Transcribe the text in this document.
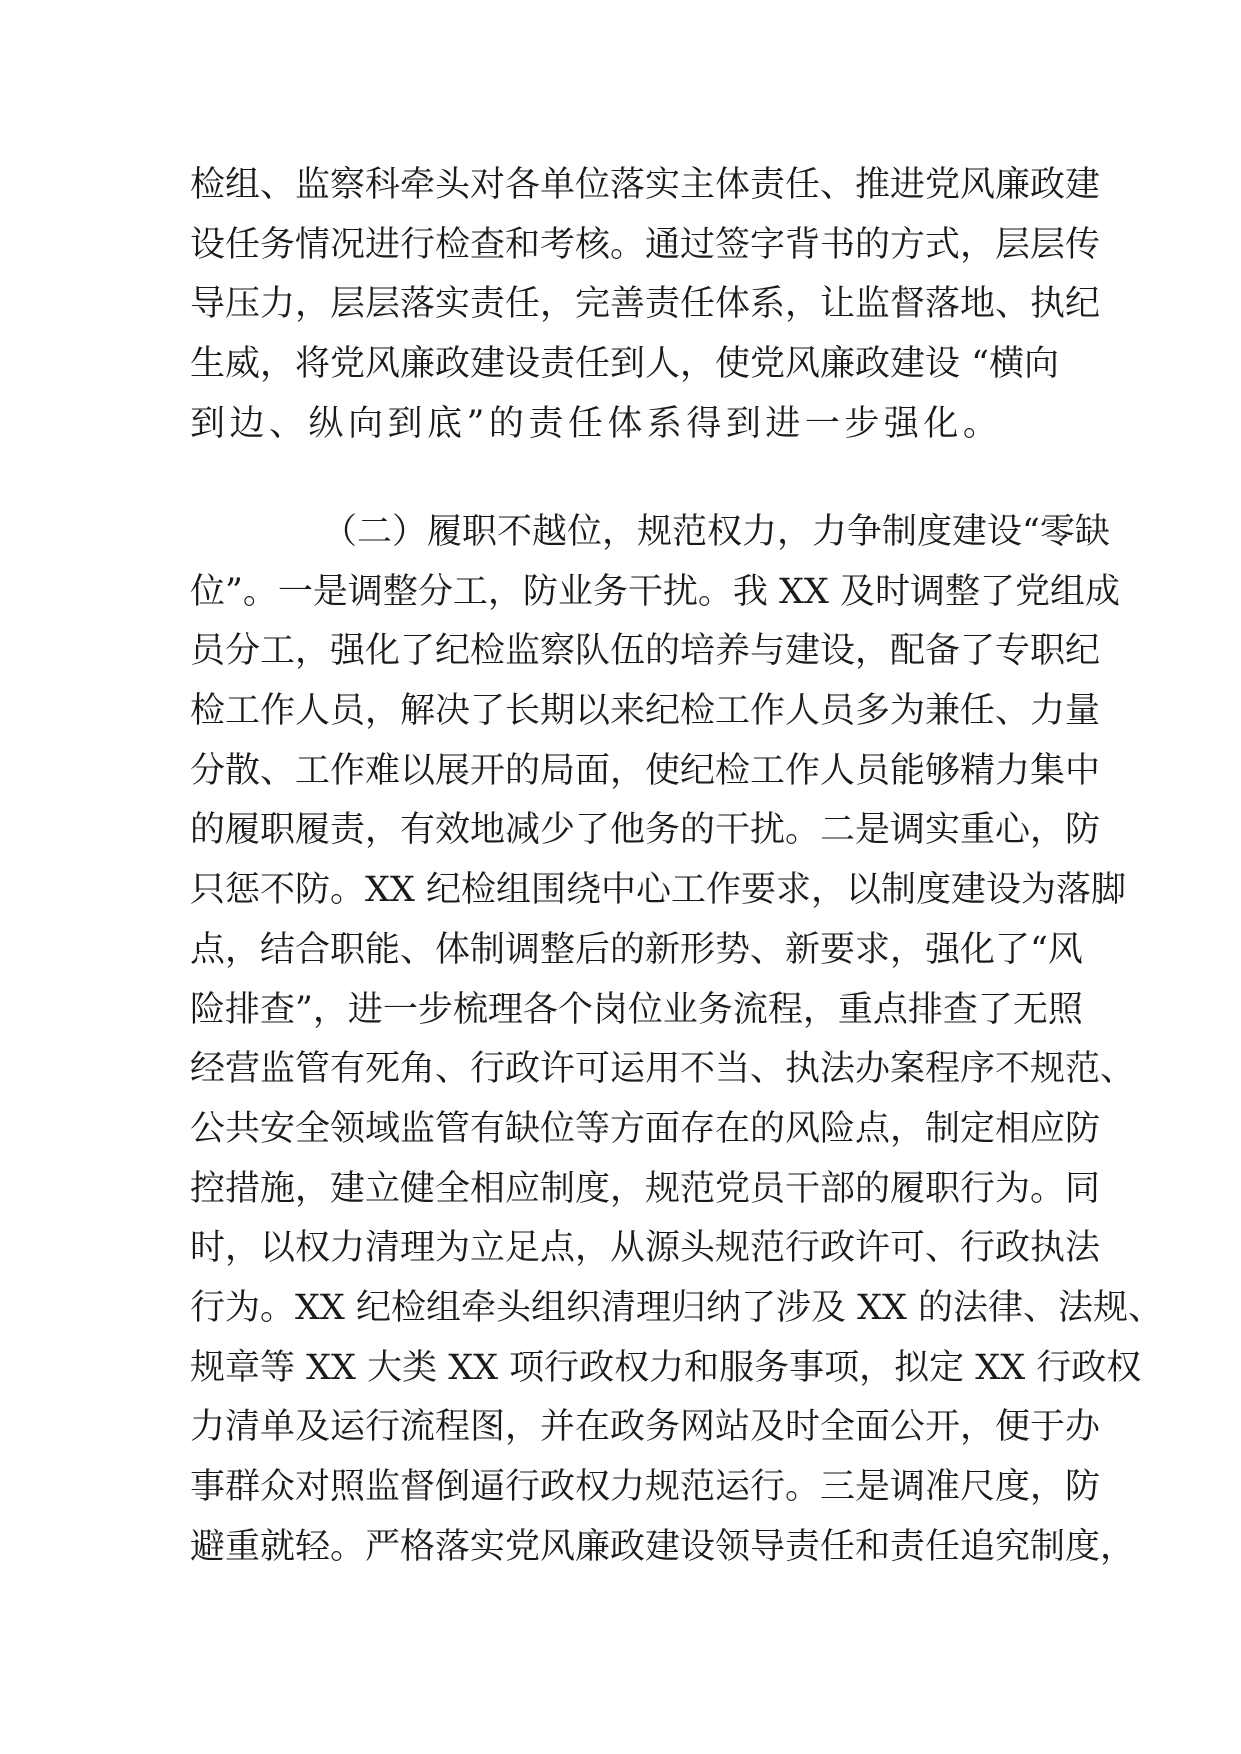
检组、监察科牵头对各单位落实主体责任、推进党风廉政建
设任务情况进行检查和考核。通过签字背书的方式，层层传
导压力，层层落实责任，完善责任体系，让监督落地、执纪
生威，将党风廉政建设责任到人，使党风廉政建设 “横向
到边、纵向到底”的责任体系得到进一步强化。
（二）履职不越位，规范权力，力争制度建设“零缺
位”。一是调整分工，防业务干扰。我 XX 及时调整了党组成
员分工，强化了纪检监察队伍的培养与建设，配备了专职纪
检工作人员，解决了长期以来纪检工作人员多为兼任、力量
分散、工作难以展开的局面，使纪检工作人员能够精力集中
的履职履责，有效地减少了他务的干扰。二是调实重心，防
只惩不防。XX 纪检组围绕中心工作要求，以制度建设为落脚
点，结合职能、体制调整后的新形势、新要求，强化了“风
险排查”，进一步梳理各个岗位业务流程，重点排查了无照
经营监管有死角、行政许可运用不当、执法办案程序不规范、
公共安全领域监管有缺位等方面存在的风险点，制定相应防
控措施，建立健全相应制度，规范党员干部的履职行为。同
时，以权力清理为立足点，从源头规范行政许可、行政执法
行为。XX 纪检组牵头组织清理归纳了涉及 XX 的法律、法规、
规章等 XX 大类 XX 项行政权力和服务事项，拟定 XX 行政权
力清单及运行流程图，并在政务网站及时全面公开，便于办
事群众对照监督倒逼行政权力规范运行。三是调准尺度，防
避重就轻。严格落实党风廉政建设领导责任和责任追究制度，
